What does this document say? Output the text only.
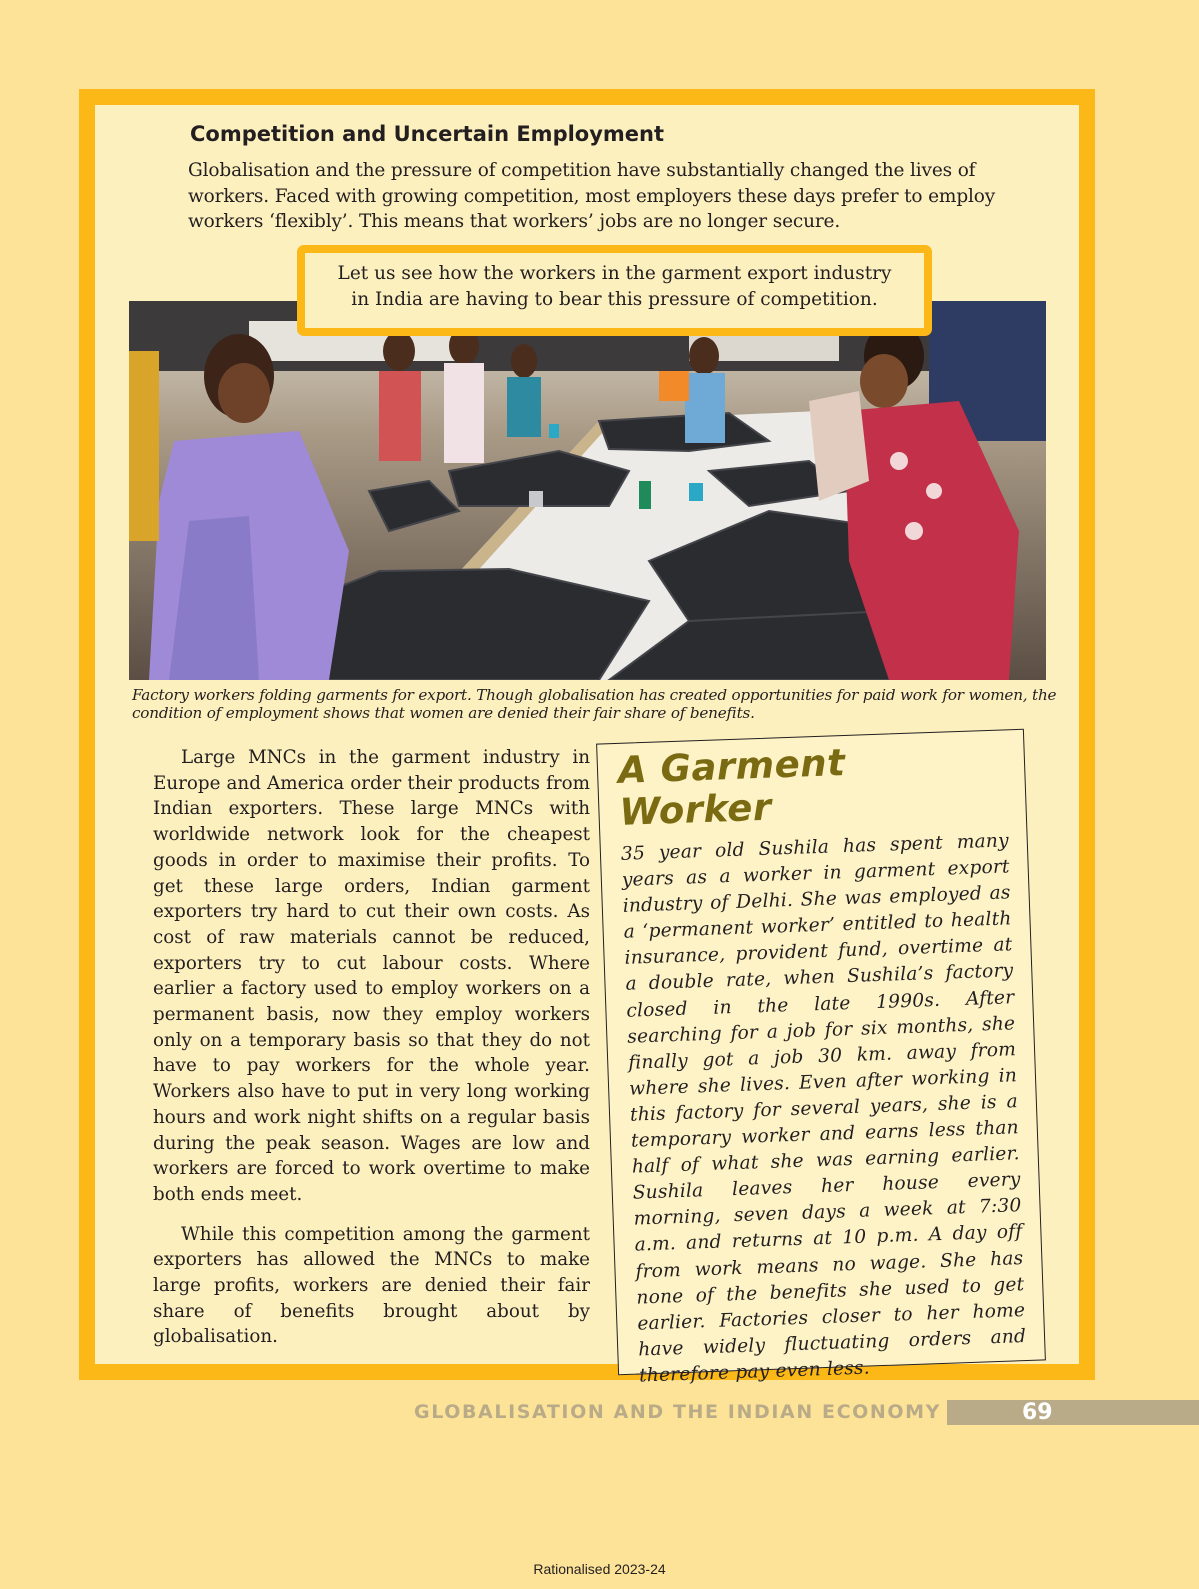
Competition and Uncertain Employment

Globalisation and the pressure of competition have substantially changed the lives of workers. Faced with growing competition, most employers these days prefer to employ workers ‘flexibly’. This means that workers’ jobs are no longer secure.

Let us see how the workers in the garment export industry
in India are having to bear this pressure of competition.

Factory workers folding garments for export. Though globalisation has created opportunities for paid work for women, the condition of employment shows that women are denied their fair share of benefits.

Large MNCs in the garment industry in Europe and America order their products from Indian exporters. These large MNCs with worldwide network look for the cheapest goods in order to maximise their profits. To get these large orders, Indian garment exporters try hard to cut their own costs. As cost of raw materials cannot be reduced, exporters try to cut labour costs. Where earlier a factory used to employ workers on a permanent basis, now they employ workers only on a temporary basis so that they do not have to pay workers for the whole year. Workers also have to put in very long working hours and work night shifts on a regular basis during the peak season. Wages are low and workers are forced to work overtime to make both ends meet.

While this competition among the garment exporters has allowed the MNCs to make large profits, workers are denied their fair share of benefits brought about by globalisation.

A Garment Worker

35 year old Sushila has spent many years as a worker in garment export industry of Delhi. She was employed as a ‘permanent worker’ entitled to health insurance, provident fund, overtime at a double rate, when Sushila’s factory closed in the late 1990s. After searching for a job for six months, she finally got a job 30 km. away from where she lives. Even after working in this factory for several years, she is a temporary worker and earns less than half of what she was earning earlier. Sushila leaves her house every morning, seven days a week at 7:30 a.m. and returns at 10 p.m. A day off from work means no wage. She has none of the benefits she used to get earlier. Factories closer to her home have widely fluctuating orders and therefore pay even less.

GLOBALISATION AND THE INDIAN ECONOMY	69
Rationalised 2023-24
